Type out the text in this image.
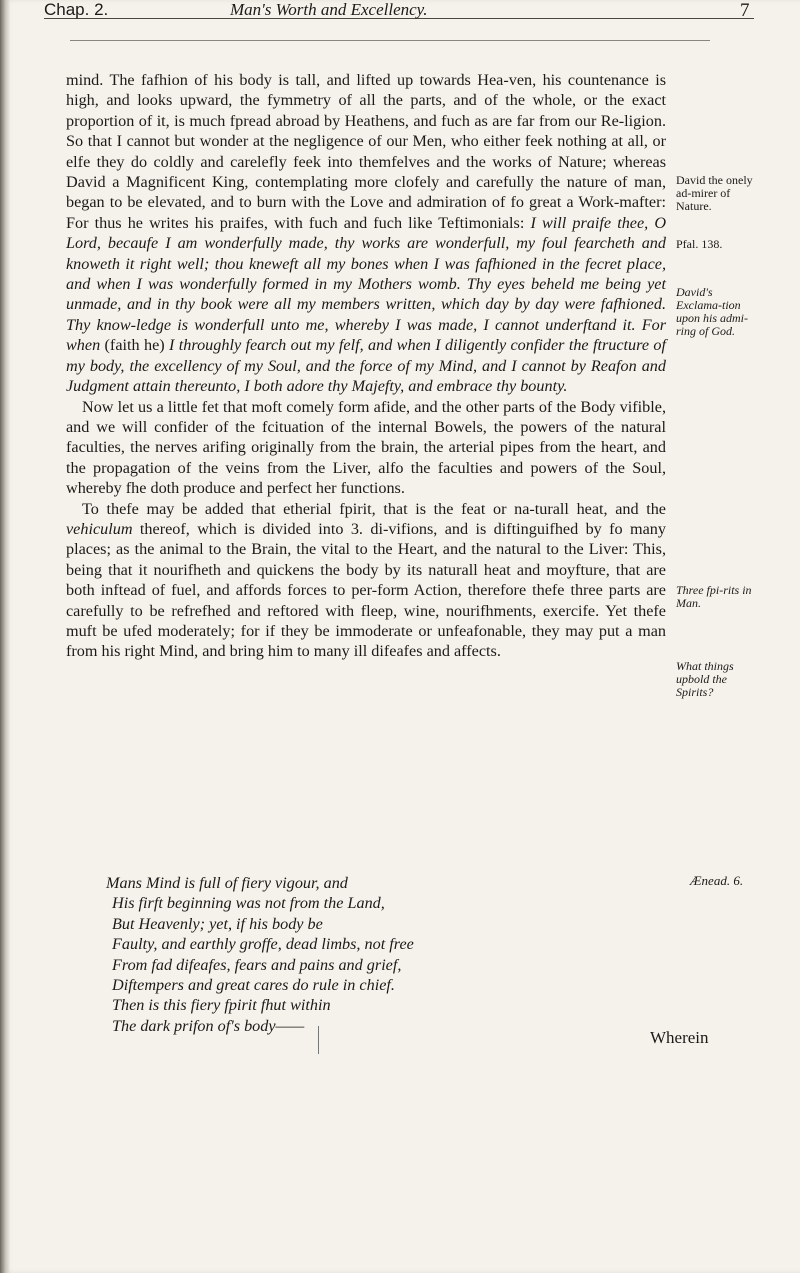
Chap. 2.	Man's Worth and Excellency.	7

mind. The fafhion of his body is tall, and lifted up towards Hea-ven, his countenance is high, and looks upward, the fymmetry of all the parts, and of the whole, or the exact proportion of it, is much fpread abroad by Heathens, and fuch as are far from our Re-ligion. So that I cannot but wonder at the negligence of our Men, who either feek nothing at all, or elfe they do coldly and carelefly feek into themfelves and the works of Nature; whereas David a Magnificent King, contemplating more clofely and carefully the nature of man, began to be elevated, and to burn with the Love and admiration of fo great a Work-mafter: For thus he writes his praifes, with fuch and fuch like Teftimonials: I will praife thee, O Lord, becaufe I am wonderfully made, thy works are wonderfull, my foul fearcheth and knoweth it right well; thou kneweft all my bones when I was fafhioned in the fecret place, and when I was wonderfully formed in my Mothers womb. Thy eyes beheld me being yet unmade, and in thy book were all my members written, which day by day were fafhioned. Thy know-ledge is wonderfull unto me, whereby I was made, I cannot underftand it. For when (faith he) I throughly fearch out my felf, and when I diligently confider the ftructure of my body, the excellency of my Soul, and the force of my Mind, and I cannot by Reafon and Judgment attain thereunto, I both adore thy Majefty, and embrace thy bounty.

Now let us a little fet that moft comely form afide, and the other parts of the Body vifible, and we will confider of the fcituation of the internal Bowels, the powers of the natural faculties, the nerves arifing originally from the brain, the arterial pipes from the heart, and the propagation of the veins from the Liver, alfo the faculties and powers of the Soul, whereby fhe doth produce and perfect her functions.

To thefe may be added that etherial fpirit, that is the feat or na-turall heat, and the vehiculum thereof, which is divided into 3. di-vifions, and is diftinguifhed by fo many places; as the animal to the Brain, the vital to the Heart, and the natural to the Liver: This, being that it nourifheth and quickens the body by its naturall heat and moyfture, that are both inftead of fuel, and affords forces to per-form Action, therefore thefe three parts are carefully to be refrefhed and reftored with fleep, wine, nourifhments, exercife. Yet thefe muft be ufed moderately; for if they be immoderate or unfeafonable, they may put a man from his right Mind, and bring him to many ill difeafes and affects.

David the onely ad-mirer of Nature.
Pfal. 138.
David's Exclama-tion upon his admi-ring of God.
Three fpi-rits in Man.
What things upbold the Spirits?
Mans Mind is full of fiery vigour, and
His firft beginning was not from the Land,
But Heavenly; yet, if his body be
Faulty, and earthly groffe, dead limbs, not free
From fad difeafes, fears and pains and grief,
Diftempers and great cares do rule in chief.
Then is this fiery fpirit fhut within
The dark prifon of's body——
Ænead. 6.
Wherein
